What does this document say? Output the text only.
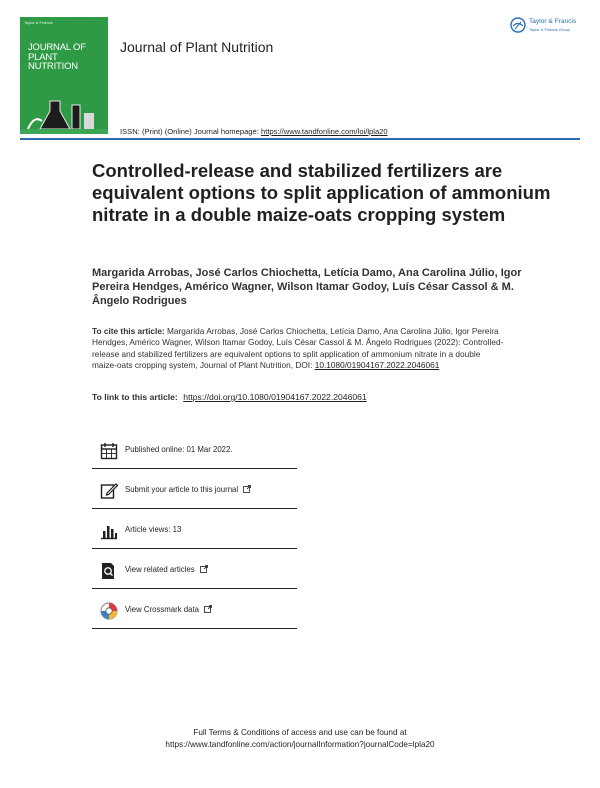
Taylor & Francis
JOURNAL OF
PLANT
NUTRITION
Journal of Plant Nutrition
ISSN: (Print) (Online) Journal homepage: https://www.tandfonline.com/loi/lpla20
Taylor & Francis
Taylor & Francis Group
Controlled-release and stabilized fertilizers are equivalent options to split application of ammonium nitrate in a double maize-oats cropping system
Margarida Arrobas, José Carlos Chiochetta, Letícia Damo, Ana Carolina Júlio, Igor Pereira Hendges, Américo Wagner, Wilson Itamar Godoy, Luís César Cassol & M. Ângelo Rodrigues
To cite this article: Margarida Arrobas, José Carlos Chiochetta, Letícia Damo, Ana Carolina Júlio, Igor Pereira Hendges, Américo Wagner, Wilson Itamar Godoy, Luís César Cassol & M. Ângelo Rodrigues (2022): Controlled-release and stabilized fertilizers are equivalent options to split application of ammonium nitrate in a double maize-oats cropping system, Journal of Plant Nutrition, DOI: 10.1080/01904167.2022.2046061
To link to this article: https://doi.org/10.1080/01904167.2022.2046061
Published online: 01 Mar 2022.
Submit your article to this journal
Article views: 13
View related articles
View Crossmark data
Full Terms & Conditions of access and use can be found at
https://www.tandfonline.com/action/journalInformation?journalCode=lpla20
